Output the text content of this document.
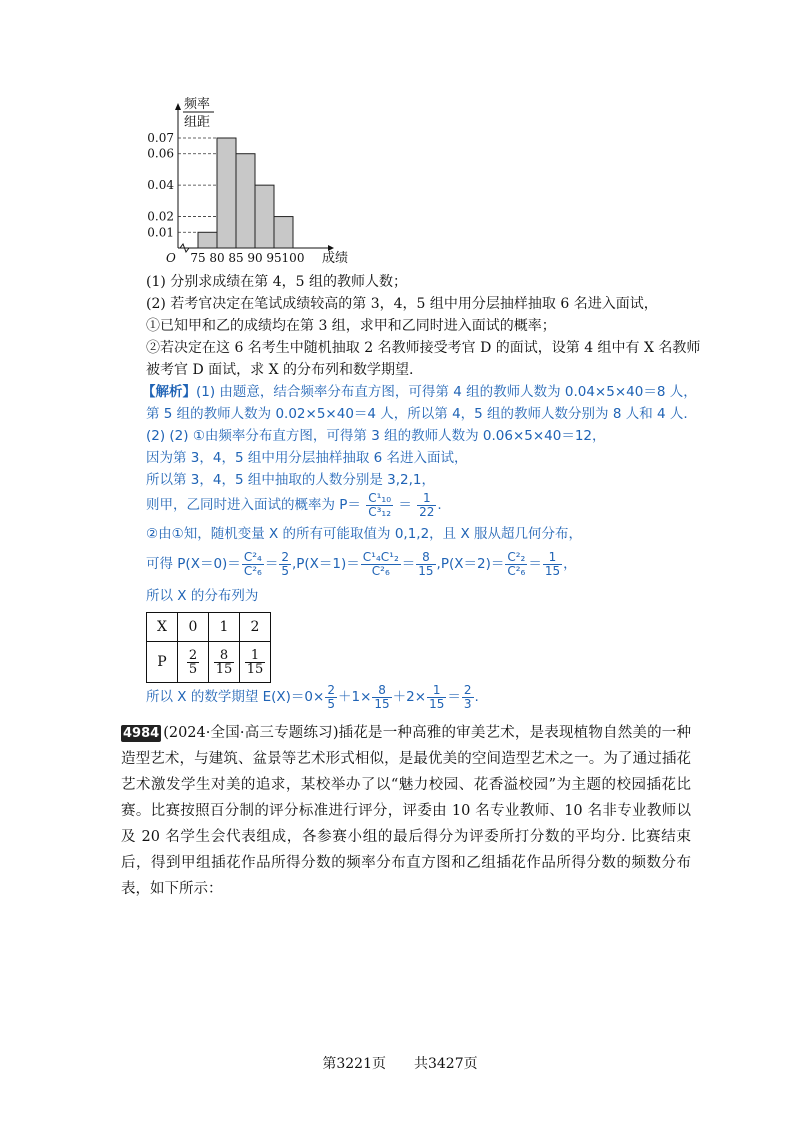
0.07
0.06
0.04
0.02
0.01
75 80 85 90 95 100
O	成绩
频率
组距
(1) 分别求成绩在第 4，5 组的教师人数；
(2) 若考官决定在笔试成绩较高的第 3，4，5 组中用分层抽样抽取 6 名进入面试，
①已知甲和乙的成绩均在第 3 组，求甲和乙同时进入面试的概率；
②若决定在这 6 名考生中随机抽取 2 名教师接受考官 D 的面试，设第 4 组中有 X 名教师
被考官 D 面试，求 X 的分布列和数学期望.
【解析】(1) 由题意，结合频率分布直方图，可得第 4 组的教师人数为 0.04×5×40＝8 人，
第 5 组的教师人数为 0.02×5×40＝4 人，所以第 4，5 组的教师人数分别为 8 人和 4 人.
(2) (2) ①由频率分布直方图，可得第 3 组的教师人数为 0.06×5×40＝12，
因为第 3，4，5 组中用分层抽样抽取 6 名进入面试，
所以第 3，4，5 组中抽取的人数分别是 3,2,1，
则甲，乙同时进入面试的概率为 $P= \frac{\text{C¹₁₀}}{\text{C³₁₂}} = \frac{1}{22}$ .
②由①知，随机变量 X 的所有可能取值为 0,1,2，且 X 服从超几何分布，
可得 $P(X=0)= \frac{\text{C²₄}}{\text{C²₆}} = \frac{2}{5} ,P(X=1)= \frac{\text{C¹₄C¹₂}}{\text{C²₆}} = \frac{8}{15} ,P(X=2)= \frac{\text{C²₂}}{\text{C²₆}} = \frac{1}{15}$ ，
所以 X 的分布列为
X	0	1	2
P	$\frac{2}{5}$	$\frac{8}{15}$	$\frac{1}{15}$
所以 X 的数学期望 $E(X)=0\times \frac{2}{5} +1\times \frac{8}{15} +2\times \frac{1}{15} = \frac{2}{3}$ .
4984 (2024·全国·高三专题练习)插花是一种高雅的审美艺术，是表现植物自然美的一种造型艺术，与建筑、盆景等艺术形式相似，是最优美的空间造型艺术之一。为了通过插花艺术激发学生对美的追求，某校举办了以“魅力校园、花香溢校园”为主题的校园插花比赛。比赛按照百分制的评分标准进行评分，评委由 10 名专业教师、10 名非专业教师以及 20 名学生会代表组成，各参赛小组的最后得分为评委所打分数的平均分. 比赛结束后，得到甲组插花作品所得分数的频率分布直方图和乙组插花作品所得分数的频数分布表，如下所示：
第3221页　　共3427页
